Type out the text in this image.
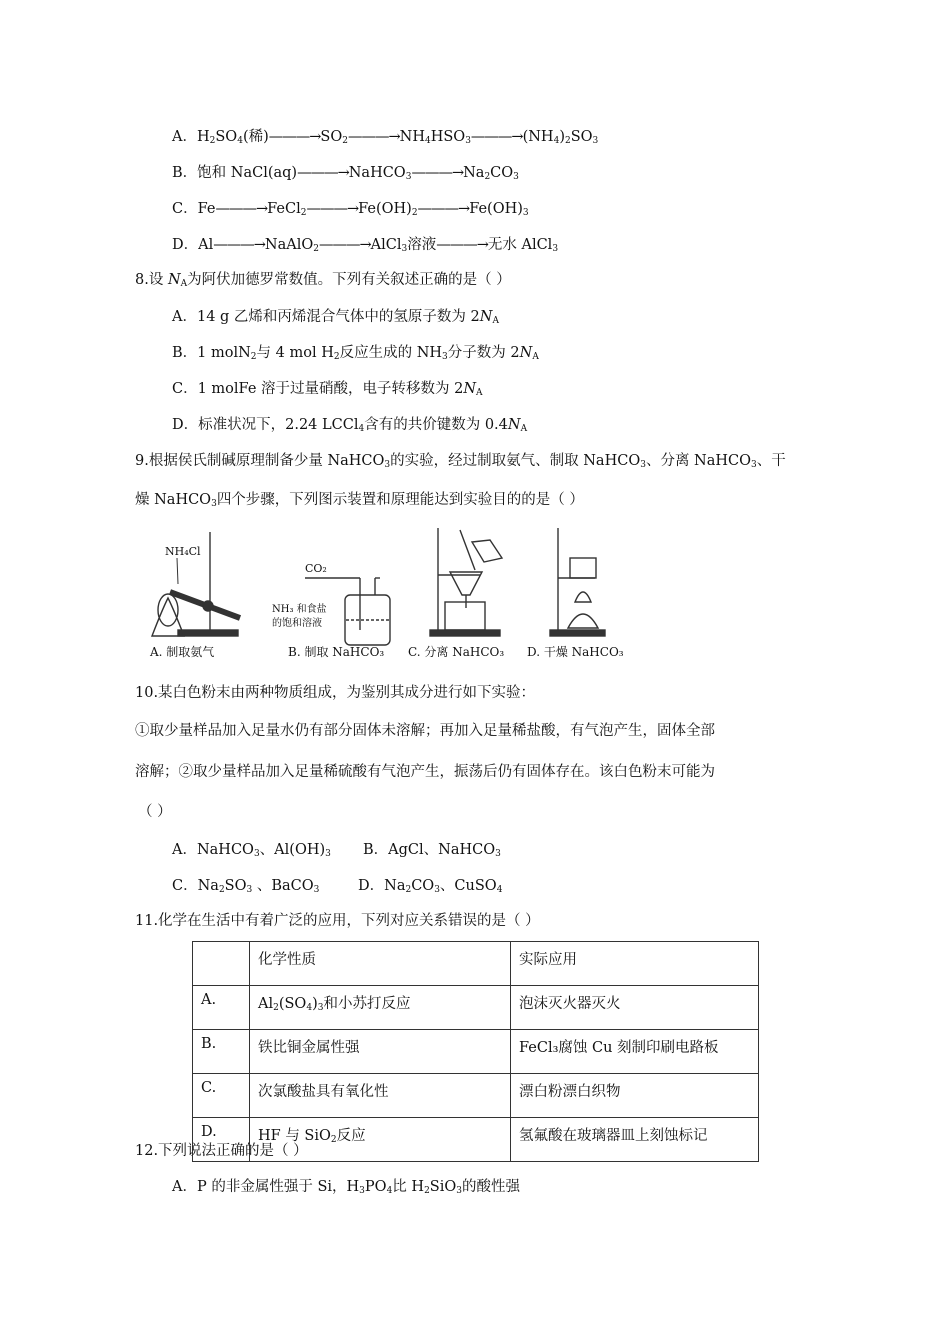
A．$H_2SO_4$(稀)$———\to SO_2———\to NH_4HSO_3———\to(NH_4)_2SO_3$
B．饱和 $NaCl(aq)———\to NaHCO_3———\to Na_2CO_3$
C．$Fe———\to FeCl_2———\to Fe(OH)_2———\to Fe(OH)_3$
D．Al———→NaAlO$_2$———→AlCl$_3$溶液———→无水 AlCl$_3$
8.设 $N_A$为阿伏加德罗常数值。下列有关叙述正确的是（ ）
A．14 g 乙烯和丙烯混合气体中的氢原子数为 $2N_A$
B．1 molN$_2$与 4 mol $H_2$反应生成的 $NH_3$分子数为 $2N_A$
C．1 molFe 溶于过量硝酸，电子转移数为 $2N_A$
D．标准状况下，2.24 LCCl$_4$含有的共价键数为 $0.4N_A$
9.根据侯氏制碱原理制备少量 NaHCO$_3$的实验，经过制取氨气、制取 NaHCO$_3$、分离 NaHCO$_3$、干
燥 NaHCO$_3$四个步骤，下列图示装置和原理能达到实验目的的是（ ）
NH₄Cl
CO₂
NH₃ 和食盐
的饱和溶液
A. 制取氨气	B. 制取 NaHCO₃ C. 分离 NaHCO₃ D. 干燥 NaHCO₃
10.某白色粉末由两种物质组成，为鉴别其成分进行如下实验：
①取少量样品加入足量水仍有部分固体未溶解；再加入足量稀盐酸，有气泡产生，固体全部
溶解；②取少量样品加入足量稀硫酸有气泡产生，振荡后仍有固体存在。该白色粉末可能为
（ ）
A．NaHCO$_3$、$Al(OH)_3$ B．AgCl、NaHCO$_3$
C．$Na_2SO_3$ 、BaCO$_3$	D．$Na_2CO_3$、CuSO$_4$
11.化学在生活中有着广泛的应用，下列对应关系错误的是（ ）
	化学性质	实际应用
A.	$Al_2(SO_4)_3$和小苏打反应	泡沫灭火器灭火
B.	铁比铜金属性强	FeCl₃腐蚀 Cu 刻制印刷电路板
C.	次氯酸盐具有氧化性	漂白粉漂白织物
D.	HF 与 SiO$_2$反应	氢氟酸在玻璃器皿上刻蚀标记
12.下列说法正确的是（ ）
A．P 的非金属性强于 Si，$H_3PO_4$比 $H_2SiO_3$的酸性强
